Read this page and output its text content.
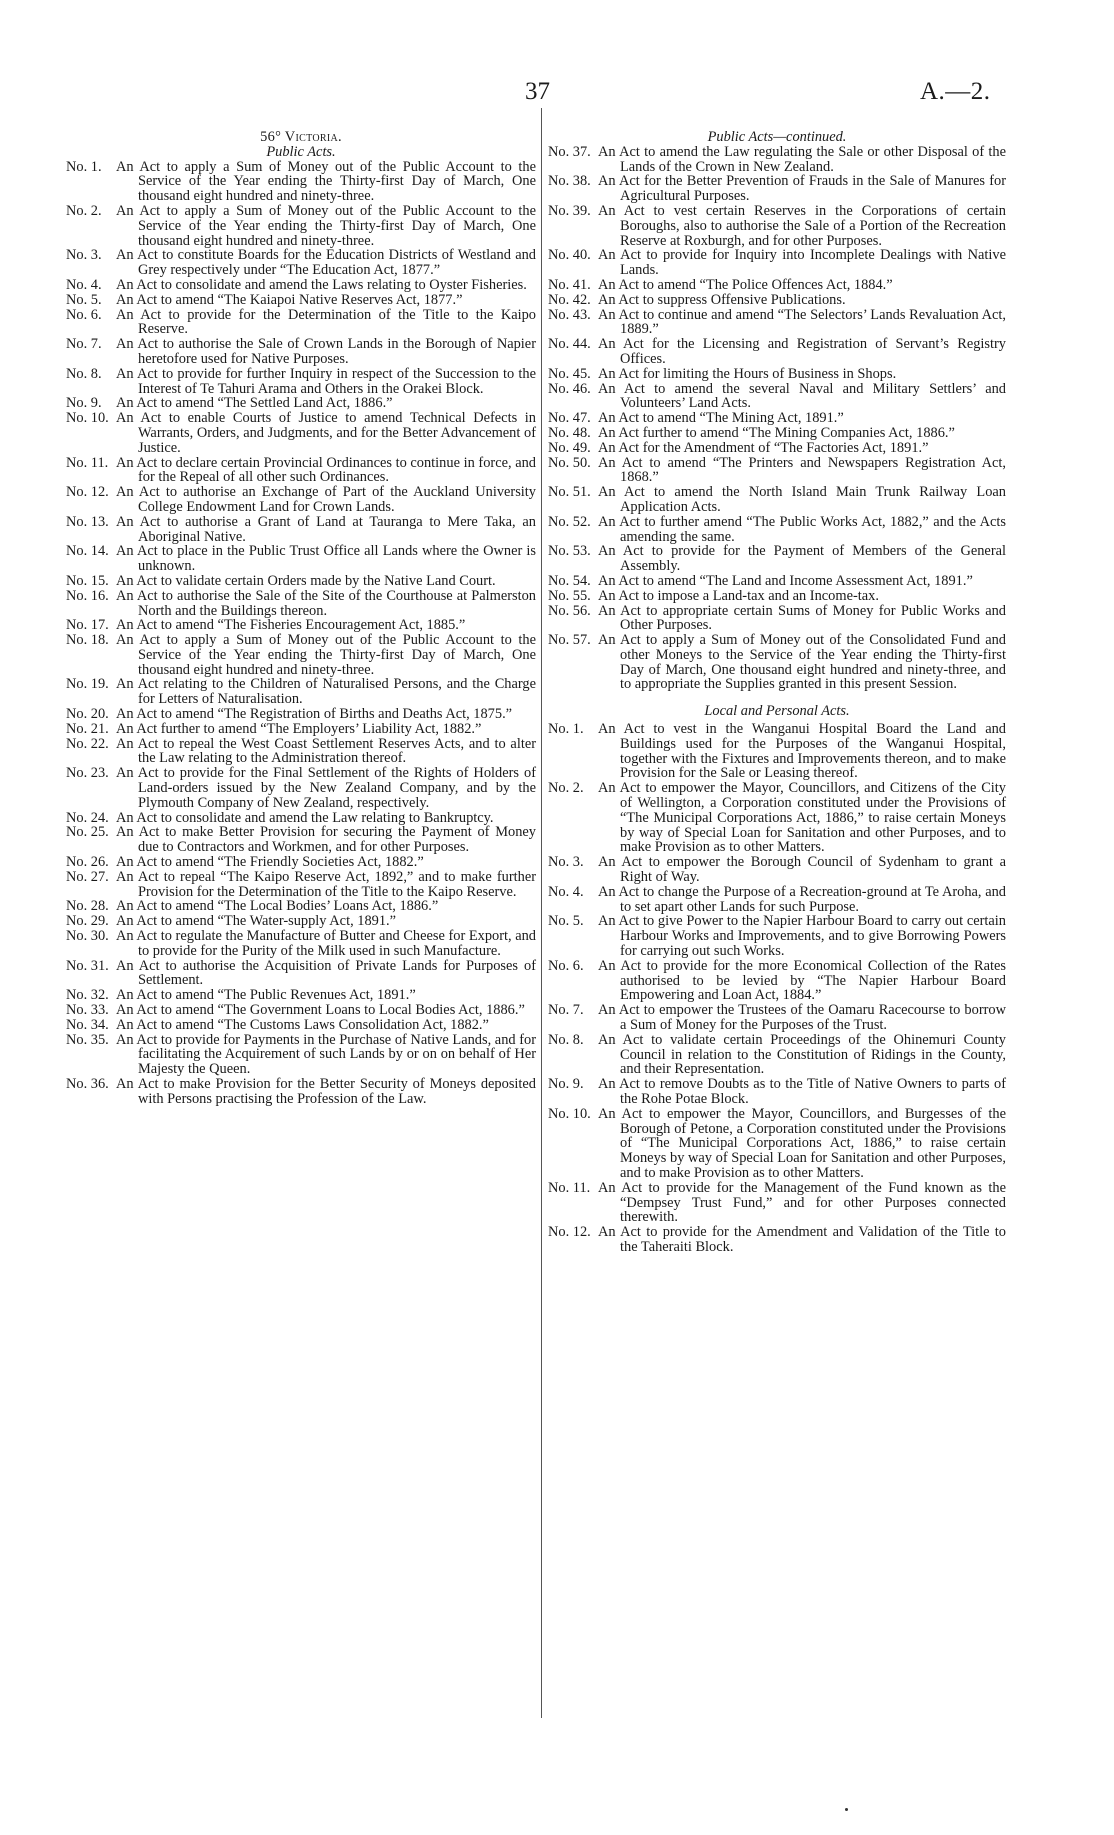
37	A.—2.

56° Victoria.

Public Acts.

No. 1.	An Act to apply a Sum of Money out of the Public Account to the Service of the Year ending the Thirty-first Day of March, One thousand eight hundred and ninety-three.
No. 2.	An Act to apply a Sum of Money out of the Public Account to the Service of the Year ending the Thirty-first Day of March, One thousand eight hundred and ninety-three.
No. 3.	An Act to constitute Boards for the Education Districts of Westland and Grey respectively under “The Education Act, 1877.”
No. 4.	An Act to consolidate and amend the Laws relating to Oyster Fisheries.
No. 5.	An Act to amend “The Kaiapoi Native Reserves Act, 1877.”
No. 6.	An Act to provide for the Determination of the Title to the Kaipo Reserve.
No. 7.	An Act to authorise the Sale of Crown Lands in the Borough of Napier heretofore used for Native Purposes.
No. 8.	An Act to provide for further Inquiry in respect of the Succession to the Interest of Te Tahuri Arama and Others in the Orakei Block.
No. 9.	An Act to amend “The Settled Land Act, 1886.”
No. 10. An Act to enable Courts of Justice to amend Technical Defects in Warrants, Orders, and Judgments, and for the Better Advancement of Justice.
No. 11. An Act to declare certain Provincial Ordinances to continue in force, and for the Repeal of all other such Ordinances.
No. 12. An Act to authorise an Exchange of Part of the Auckland University College Endowment Land for Crown Lands.
No. 13. An Act to authorise a Grant of Land at Tauranga to Mere Taka, an Aboriginal Native.
No. 14. An Act to place in the Public Trust Office all Lands where the Owner is unknown.
No. 15. An Act to validate certain Orders made by the Native Land Court.
No. 16. An Act to authorise the Sale of the Site of the Courthouse at Palmerston North and the Buildings thereon.
No. 17. An Act to amend “The Fisheries Encouragement Act, 1885.”
No. 18. An Act to apply a Sum of Money out of the Public Account to the Service of the Year ending the Thirty-first Day of March, One thousand eight hundred and ninety-three.
No. 19. An Act relating to the Children of Naturalised Persons, and the Charge for Letters of Naturalisation.
No. 20. An Act to amend “The Registration of Births and Deaths Act, 1875.”
No. 21. An Act further to amend “The Employers’ Liability Act, 1882.”
No. 22. An Act to repeal the West Coast Settlement Reserves Acts, and to alter the Law relating to the Administration thereof.
No. 23. An Act to provide for the Final Settlement of the Rights of Holders of Land-orders issued by the New Zealand Company, and by the Plymouth Company of New Zealand, respectively.
No. 24. An Act to consolidate and amend the Law relating to Bankruptcy.
No. 25. An Act to make Better Provision for securing the Payment of Money due to Contractors and Workmen, and for other Purposes.
No. 26. An Act to amend “The Friendly Societies Act, 1882.”
No. 27. An Act to repeal “The Kaipo Reserve Act, 1892,” and to make further Provision for the Determination of the Title to the Kaipo Reserve.
No. 28. An Act to amend “The Local Bodies’ Loans Act, 1886.”
No. 29. An Act to amend “The Water-supply Act, 1891.”
No. 30. An Act to regulate the Manufacture of Butter and Cheese for Export, and to provide for the Purity of the Milk used in such Manufacture.
No. 31. An Act to authorise the Acquisition of Private Lands for Purposes of Settlement.
No. 32. An Act to amend “The Public Revenues Act, 1891.”
No. 33. An Act to amend “The Government Loans to Local Bodies Act, 1886.”
No. 34. An Act to amend “The Customs Laws Consolidation Act, 1882.”
No. 35. An Act to provide for Payments in the Purchase of Native Lands, and for facilitating the Acquirement of such Lands by or on on behalf of Her Majesty the Queen.
No. 36. An Act to make Provision for the Better Security of Moneys deposited with Persons practising the Profession of the Law.

Public Acts—continued.

No. 37. An Act to amend the Law regulating the Sale or other Disposal of the Lands of the Crown in New Zealand.
No. 38. An Act for the Better Prevention of Frauds in the Sale of Manures for Agricultural Purposes.
No. 39. An Act to vest certain Reserves in the Corporations of certain Boroughs, also to authorise the Sale of a Portion of the Recreation Reserve at Roxburgh, and for other Purposes.
No. 40. An Act to provide for Inquiry into Incomplete Dealings with Native Lands.
No. 41. An Act to amend “The Police Offences Act, 1884.”
No. 42. An Act to suppress Offensive Publications.
No. 43. An Act to continue and amend “The Selectors’ Lands Revaluation Act, 1889.”
No. 44. An Act for the Licensing and Registration of Servant’s Registry Offices.
No. 45. An Act for limiting the Hours of Business in Shops.
No. 46. An Act to amend the several Naval and Military Settlers’ and Volunteers’ Land Acts.
No. 47. An Act to amend “The Mining Act, 1891.”
No. 48. An Act further to amend “The Mining Companies Act, 1886.”
No. 49. An Act for the Amendment of “The Factories Act, 1891.”
No. 50. An Act to amend “The Printers and Newspapers Registration Act, 1868.”
No. 51. An Act to amend the North Island Main Trunk Railway Loan Application Acts.
No. 52. An Act to further amend “The Public Works Act, 1882,” and the Acts amending the same.
No. 53. An Act to provide for the Payment of Members of the General Assembly.
No. 54. An Act to amend “The Land and Income Assessment Act, 1891.”
No. 55. An Act to impose a Land-tax and an Income-tax.
No. 56. An Act to appropriate certain Sums of Money for Public Works and Other Purposes.
No. 57. An Act to apply a Sum of Money out of the Consolidated Fund and other Moneys to the Service of the Year ending the Thirty-first Day of March, One thousand eight hundred and ninety-three, and to appropriate the Supplies granted in this present Session.

Local and Personal Acts.

No. 1.	An Act to vest in the Wanganui Hospital Board the Land and Buildings used for the Purposes of the Wanganui Hospital, together with the Fixtures and Improvements thereon, and to make Provision for the Sale or Leasing thereof.
No. 2.	An Act to empower the Mayor, Councillors, and Citizens of the City of Wellington, a Corporation constituted under the Provisions of “The Municipal Corporations Act, 1886,” to raise certain Moneys by way of Special Loan for Sanitation and other Purposes, and to make Provision as to other Matters.
No. 3.	An Act to empower the Borough Council of Sydenham to grant a Right of Way.
No. 4.	An Act to change the Purpose of a Recreation-ground at Te Aroha, and to set apart other Lands for such Purpose.
No. 5.	An Act to give Power to the Napier Harbour Board to carry out certain Harbour Works and Improvements, and to give Borrowing Powers for carrying out such Works.
No. 6.	An Act to provide for the more Economical Collection of the Rates authorised to be levied by “The Napier Harbour Board Empowering and Loan Act, 1884.”
No. 7.	An Act to empower the Trustees of the Oamaru Racecourse to borrow a Sum of Money for the Purposes of the Trust.
No. 8.	An Act to validate certain Proceedings of the Ohinemuri County Council in relation to the Constitution of Ridings in the County, and their Representation.
No. 9.	An Act to remove Doubts as to the Title of Native Owners to parts of the Rohe Potae Block.
No. 10. An Act to empower the Mayor, Councillors, and Burgesses of the Borough of Petone, a Corporation constituted under the Provisions of “The Municipal Corporations Act, 1886,” to raise certain Moneys by way of Special Loan for Sanitation and other Purposes, and to make Provision as to other Matters.
No. 11. An Act to provide for the Management of the Fund known as the “Dempsey Trust Fund,” and for other Purposes connected therewith.
No. 12. An Act to provide for the Amendment and Validation of the Title to the Taheraiti Block.
